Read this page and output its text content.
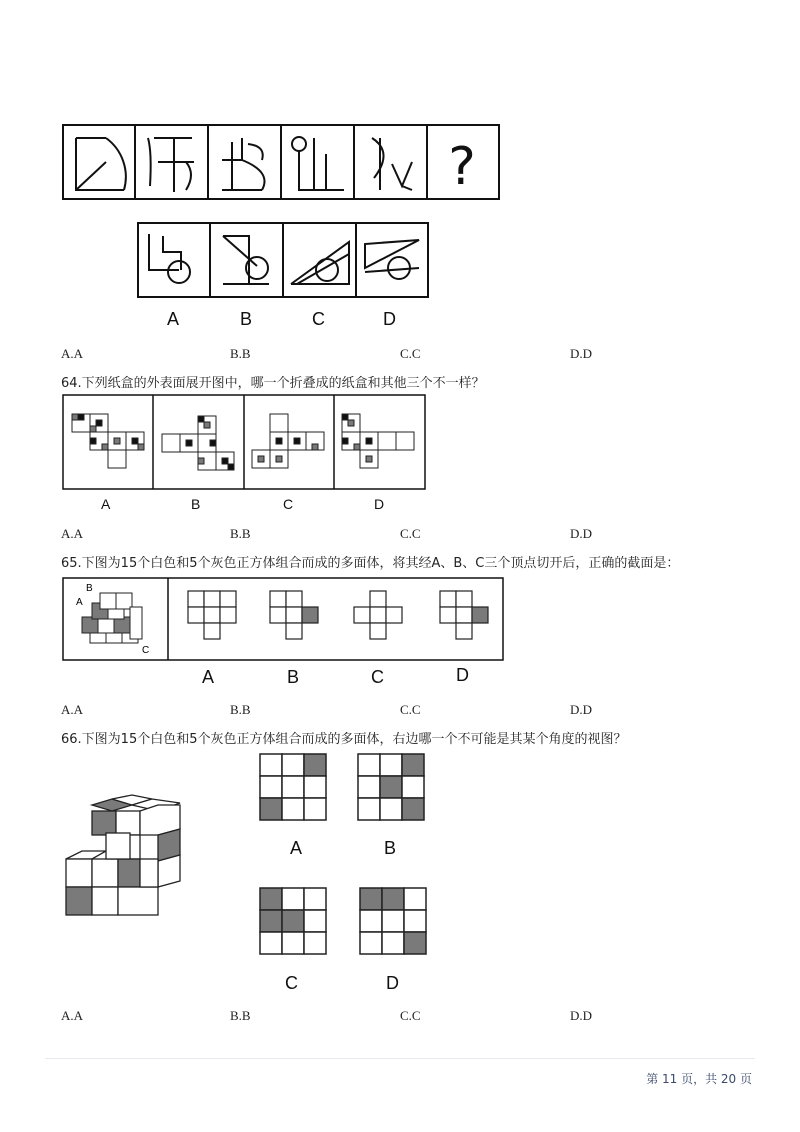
?
A	B	C	D
A.A	B.B	C.C	D.D
64.下列纸盒的外表面展开图中，哪一个折叠成的纸盒和其他三个不一样？
A	B	C	D
A.A	B.B	C.C	D.D
65.下图为15个白色和5个灰色正方体组合而成的多面体，将其经A、B、C三个顶点切开后，正确的截面是：
B
A
C
A	B	C	D
A.A	B.B	C.C	D.D
66.下图为15个白色和5个灰色正方体组合而成的多面体，右边哪一个不可能是其某个角度的视图？
A	B
C	D
A.A	B.B	C.C	D.D
第 11 页，共 20 页
